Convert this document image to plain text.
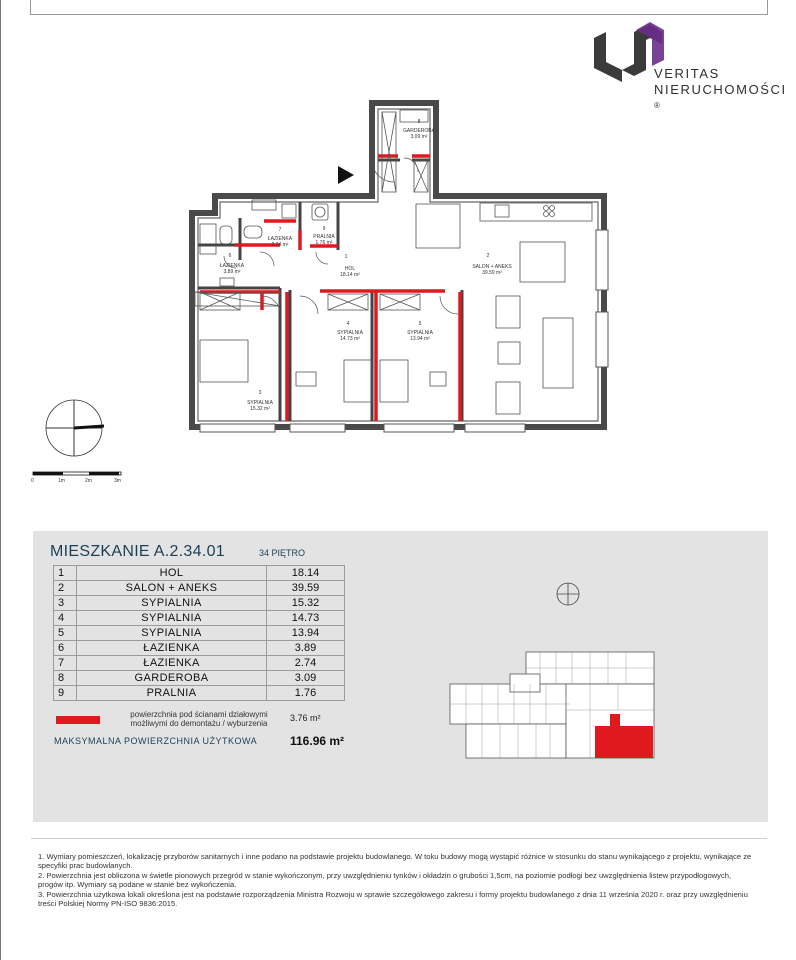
VERITAS
NIERUCHOMOŚCI ®
8
GARDEROBA
3.09 m²
7
ŁAZIENKA
2.74 m²
9
PRALNIA
1.76 m²
6
ŁAZIENKA
3.89 m²
1
HOL
18.14 m²
2
SALON + ANEKS
39.59 m²
4
SYPIALNIA
14.73 m²
5
SYPIALNIA
13.94 m²
3
SYPIALNIA
15.32 m²
0	1m	2m	3m
MIESZKANIE A.2.34.01	34 PIĘTRO
1	HOL	18.14
2	SALON + ANEKS	39.59
3	SYPIALNIA	15.32
4	SYPIALNIA	14.73
5	SYPIALNIA	13.94
6	ŁAZIENKA	3.89
7	ŁAZIENKA	2.74
8	GARDEROBA	3.09
9	PRALNIA	1.76
powierzchnia pod ścianami działowymi możliwymi do demontażu / wyburzenia
3.76 m²
MAKSYMALNA POWIERZCHNIA UŻYTKOWA	116.96 m²
1. Wymiary pomieszczeń, lokalizację przyborów sanitarnych i inne podano na podstawie projektu budowlanego. W toku budowy mogą wystąpić różnice w stosunku do stanu wynikającego z projektu, wynikające ze specyfiki prac budowlanych.
2. Powierzchnia jest obliczona w świetle pionowych przegród w stanie wykończonym, przy uwzględnieniu tynków i okładzin o grubości 1,5cm, na poziomie podłogi bez uwzględnienia listew przypodłogowych, progów itp. Wymiary są podane w stanie bez wykończenia.
3. Powierzchnia użytkowa lokali określona jest na podstawie rozporządzenia Ministra Rozwoju w sprawie szczegółowego zakresu i formy projektu budowlanego z dnia 11 września 2020 r. oraz przy uwzględnieniu treści Polskiej Normy PN-ISO 9836:2015.
